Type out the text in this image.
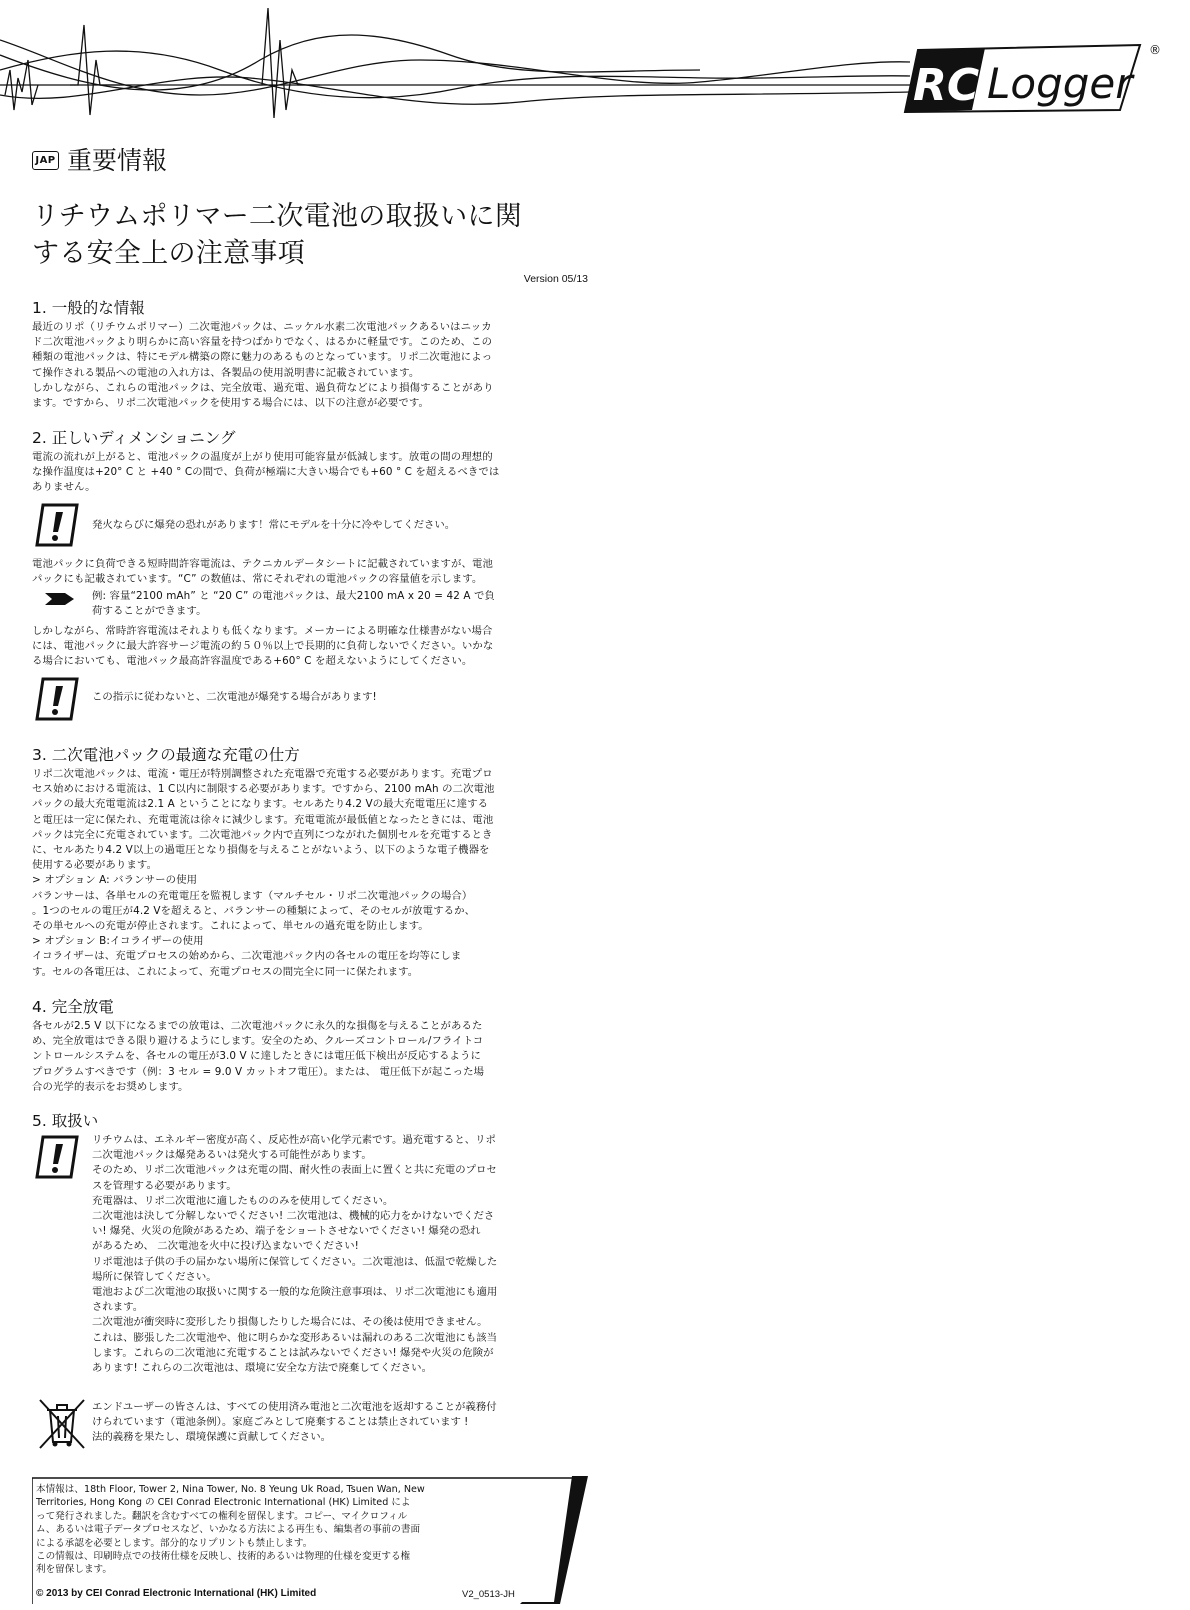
RC Logger
®
JAP 重要情報
リチウムポリマー二次電池の取扱いに関
する安全上の注意事項
Version 05/13
1. 一般的な情報
最近のリポ（リチウムポリマー）二次電池パックは、ニッケル水素二次電池パックあるいはニッカ
ド二次電池パックより明らかに高い容量を持つばかりでなく、はるかに軽量です。このため、この
種類の電池パックは、特にモデル構築の際に魅力のあるものとなっています。リポ二次電池によっ
て操作される製品への電池の入れ方は、各製品の使用説明書に記載されています。
しかしながら、これらの電池パックは、完全放電、過充電、過負荷などにより損傷することがあり
ます。ですから、リポ二次電池パックを使用する場合には、以下の注意が必要です。
2. 正しいディメンショニング
電流の流れが上がると、電池パックの温度が上がり使用可能容量が低減します。放電の間の理想的
な操作温度は+20° C と +40 ° Cの間で、負荷が極端に大きい場合でも+60 ° C を超えるべきでは
ありません。
発火ならびに爆発の恐れがあります！常にモデルを十分に冷やしてください。
電池パックに負荷できる短時間許容電流は、テクニカルデータシートに記載されていますが、電池
パックにも記載されています。“C” の数値は、常にそれぞれの電池パックの容量値を示します。
例: 容量“2100 mAh” と “20 C” の電池パックは、最大2100 mA x 20 = 42 A で負
荷することができます。
しかしながら、常時許容電流はそれよりも低くなります。メーカーによる明確な仕様書がない場合
には、電池パックに最大許容サージ電流の約５０％以上で長期的に負荷しないでください。いかな
る場合においても、電池パック最高許容温度である+60° C を超えないようにしてください。
この指示に従わないと、二次電池が爆発する場合があります!
3. 二次電池パックの最適な充電の仕方
リポ二次電池パックは、電流・電圧が特別調整された充電器で充電する必要があります。充電プロ
セス始めにおける電流は、1 C以内に制限する必要があります。ですから、2100 mAh の二次電池
パックの最大充電電流は2.1 A ということになります。セルあたり4.2 Vの最大充電電圧に達する
と電圧は一定に保たれ、充電電流は徐々に減少します。充電電流が最低値となったときには、電池
パックは完全に充電されています。二次電池パック内で直列につながれた個別セルを充電するとき
に、セルあたり4.2 V以上の過電圧となり損傷を与えることがないよう、以下のような電子機器を
使用する必要があります。
> オプション A: バランサーの使用
バランサーは、各単セルの充電電圧を監視します（マルチセル・リポ二次電池パックの場合）
。1つのセルの電圧が4.2 Vを超えると、バランサーの種類によって、そのセルが放電するか、
その単セルへの充電が停止されます。これによって、単セルの過充電を防止します。
> オプション B:イコライザーの使用
イコライザーは、充電プロセスの始めから、二次電池パック内の各セルの電圧を均等にしま
す。セルの各電圧は、これによって、充電プロセスの間完全に同一に保たれます。
4. 完全放電
各セルが2.5 V 以下になるまでの放電は、二次電池パックに永久的な損傷を与えることがあるた
め、完全放電はできる限り避けるようにします。安全のため、クルーズコントロール/フライトコ
ントロールシステムを、各セルの電圧が3.0 V に達したときには電圧低下検出が反応するように
プログラムすべきです（例：3 セル = 9.0 V カットオフ電圧）。または、 電圧低下が起こった場
合の光学的表示をお奨めします。
5. 取扱い
リチウムは、エネルギー密度が高く、反応性が高い化学元素です。過充電すると、リポ
二次電池パックは爆発あるいは発火する可能性があります。
そのため、リポ二次電池パックは充電の間、耐火性の表面上に置くと共に充電のプロセ
スを管理する必要があります。
充電器は、リポ二次電池に適したもののみを使用してください。
二次電池は決して分解しないでください! 二次電池は、機械的応力をかけないでくださ
い! 爆発、火災の危険があるため、端子をショートさせないでください! 爆発の恐れ
があるため、 二次電池を火中に投げ込まないでください!
リポ電池は子供の手の届かない場所に保管してください。二次電池は、低温で乾燥した
場所に保管してください。
電池および二次電池の取扱いに関する一般的な危険注意事項は、リポ二次電池にも適用
されます。
二次電池が衝突時に変形したり損傷したりした場合には、その後は使用できません。
これは、膨張した二次電池や、他に明らかな変形あるいは漏れのある二次電池にも該当
します。これらの二次電池に充電することは試みないでください! 爆発や火災の危険が
あります! これらの二次電池は、環境に安全な方法で廃棄してください。
エンドユーザーの皆さんは、すべての使用済み電池と二次電池を返却することが義務付
けられています（電池条例）。家庭ごみとして廃棄することは禁止されています !
法的義務を果たし、環境保護に貢献してください。
本情報は、18th Floor, Tower 2, Nina Tower, No. 8 Yeung Uk Road, Tsuen Wan, New
Territories, Hong Kong の CEI Conrad Electronic International (HK) Limited によ
って発行されました。翻訳を含むすべての権利を留保します。コピー、マイクロフィル
ム、あるいは電子データプロセスなど、いかなる方法による再生も、編集者の事前の書面
による承認を必要とします。部分的なリプリントも禁止します。
この情報は、印刷時点での技術仕様を反映し、技術的あるいは物理的仕様を変更する権
利を留保します。
© 2013 by CEI Conrad Electronic International (HK) Limited	V2_0513-JH
